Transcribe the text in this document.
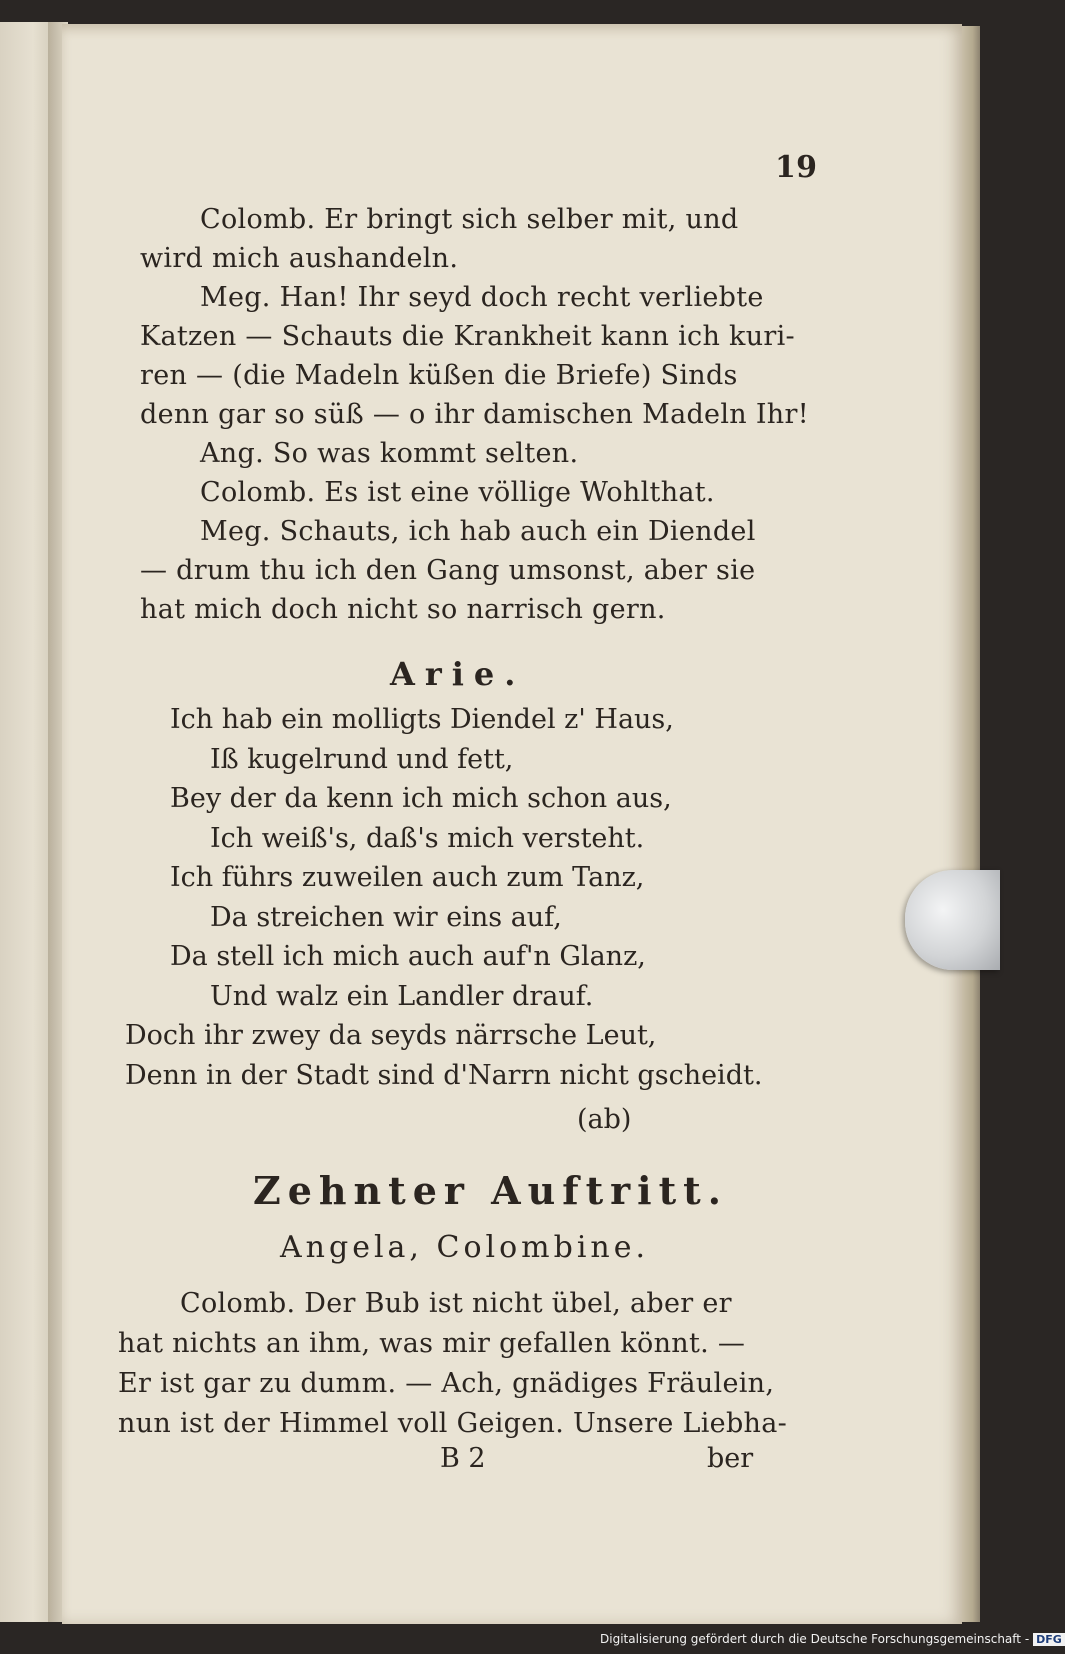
19
Colomb. Er bringt sich selber mit, und
wird mich aushandeln.
Meg. Han! Ihr seyd doch recht verliebte
Katzen — Schauts die Krankheit kann ich kuri-
ren — (die Madeln küßen die Briefe) Sinds
denn gar so süß — o ihr damischen Madeln Ihr!
Ang. So was kommt selten.
Colomb. Es ist eine völlige Wohlthat.
Meg. Schauts, ich hab auch ein Diendel
— drum thu ich den Gang umsonst, aber sie
hat mich doch nicht so narrisch gern.
Arie.
Ich hab ein molligts Diendel z' Haus,
Iß kugelrund und fett,
Bey der da kenn ich mich schon aus,
Ich weiß's, daß's mich versteht.
Ich führs zuweilen auch zum Tanz,
Da streichen wir eins auf,
Da stell ich mich auch auf'n Glanz,
Und walz ein Landler drauf.
Doch ihr zwey da seyds närrsche Leut,
Denn in der Stadt sind d'Narrn nicht gscheidt.
(ab)
Zehnter Auftritt.
Angela, Colombine.
Colomb. Der Bub ist nicht übel, aber er
hat nichts an ihm, was mir gefallen könnt. —
Er ist gar zu dumm. — Ach, gnädiges Fräulein,
nun ist der Himmel voll Geigen. Unsere Liebha-
B 2	ber
Digitalisierung gefördert durch die Deutsche Forschungsgemeinschaft - DFG
